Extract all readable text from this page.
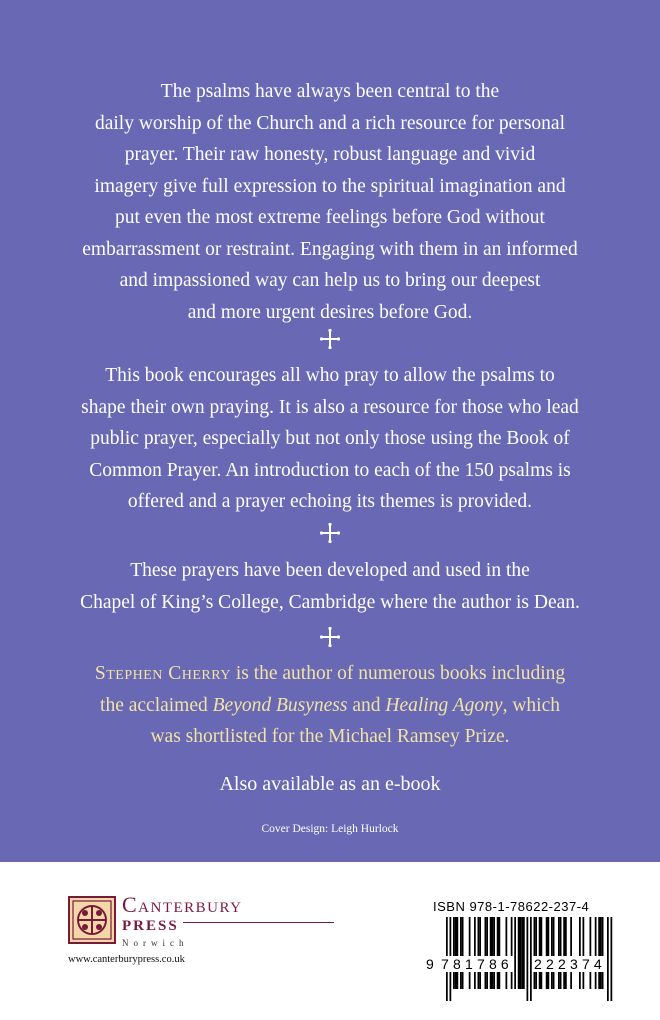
The psalms have always been central to the
daily worship of the Church and a rich resource for personal
prayer. Their raw honesty, robust language and vivid
imagery give full expression to the spiritual imagination and
put even the most extreme feelings before God without
embarrassment or restraint. Engaging with them in an informed
and impassioned way can help us to bring our deepest
and more urgent desires before God.

This book encourages all who pray to allow the psalms to
shape their own praying. It is also a resource for those who lead
public prayer, especially but not only those using the Book of
Common Prayer. An introduction to each of the 150 psalms is
offered and a prayer echoing its themes is provided.

These prayers have been developed and used in the
Chapel of King’s College, Cambridge where the author is Dean.

Stephen Cherry is the author of numerous books including
the acclaimed Beyond Busyness and Healing Agony, which
was shortlisted for the Michael Ramsey Prize.

Also available as an e-book

Cover Design: Leigh Hurlock

Canterbury
PRESS
Norwich
www.canterburypress.co.uk
ISBN 978-1-78622-237-4
9 781786 222374
